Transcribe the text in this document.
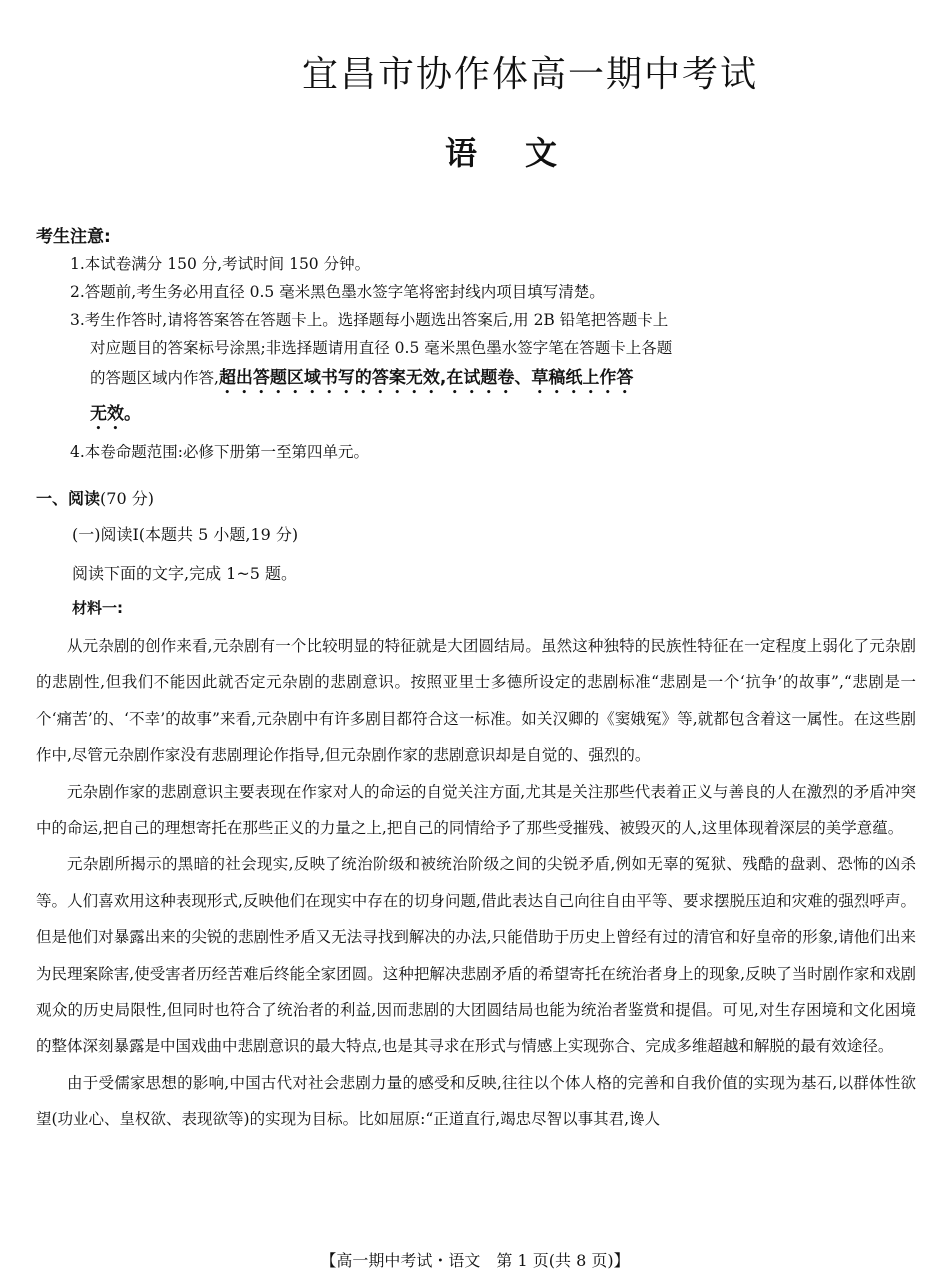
宜昌市协作体高一期中考试
语文
考生注意:

1.本试卷满分 150 分,考试时间 150 分钟。

2.答题前,考生务必用直径 0.5 毫米黑色墨水签字笔将密封线内项目填写清楚。

3.考生作答时,请将答案答在答题卡上。选择题每小题选出答案后,用 2B 铅笔把答题卡上

对应题目的答案标号涂黑;非选择题请用直径 0.5 毫米黑色墨水签字笔在答题卡上各题

的答题区域内作答,超出答题区域书写的答案无效,在试题卷、草稿纸上作答

无效。

4.本卷命题范围:必修下册第一至第四单元。

一、阅读(70 分)
(一)阅读Ⅰ(本题共 5 小题,19 分)
阅读下面的文字,完成 1~5 题。
材料一:

从元杂剧的创作来看,元杂剧有一个比较明显的特征就是大团圆结局。虽然这种独特的民族性特征在一定程度上弱化了元杂剧的悲剧性,但我们不能因此就否定元杂剧的悲剧意识。按照亚里士多德所设定的悲剧标准“悲剧是一个‘抗争’的故事”,“悲剧是一个‘痛苦’的、‘不幸’的故事”来看,元杂剧中有许多剧目都符合这一标准。如关汉卿的《窦娥冤》等,就都包含着这一属性。在这些剧作中,尽管元杂剧作家没有悲剧理论作指导,但元杂剧作家的悲剧意识却是自觉的、强烈的。

元杂剧作家的悲剧意识主要表现在作家对人的命运的自觉关注方面,尤其是关注那些代表着正义与善良的人在激烈的矛盾冲突中的命运,把自己的理想寄托在那些正义的力量之上,把自己的同情给予了那些受摧残、被毁灭的人,这里体现着深层的美学意蕴。

元杂剧所揭示的黑暗的社会现实,反映了统治阶级和被统治阶级之间的尖锐矛盾,例如无辜的冤狱、残酷的盘剥、恐怖的凶杀等。人们喜欢用这种表现形式,反映他们在现实中存在的切身问题,借此表达自己向往自由平等、要求摆脱压迫和灾难的强烈呼声。但是他们对暴露出来的尖锐的悲剧性矛盾又无法寻找到解决的办法,只能借助于历史上曾经有过的清官和好皇帝的形象,请他们出来为民理案除害,使受害者历经苦难后终能全家团圆。这种把解决悲剧矛盾的希望寄托在统治者身上的现象,反映了当时剧作家和戏剧观众的历史局限性,但同时也符合了统治者的利益,因而悲剧的大团圆结局也能为统治者鉴赏和提倡。可见,对生存困境和文化困境的整体深刻暴露是中国戏曲中悲剧意识的最大特点,也是其寻求在形式与情感上实现弥合、完成多维超越和解脱的最有效途径。

由于受儒家思想的影响,中国古代对社会悲剧力量的感受和反映,往往以个体人格的完善和自我价值的实现为基石,以群体性欲望(功业心、皇权欲、表现欲等)的实现为目标。比如屈原:“正道直行,竭忠尽智以事其君,谗人

【高一期中考试・语文　第 1 页(共 8 页)】
